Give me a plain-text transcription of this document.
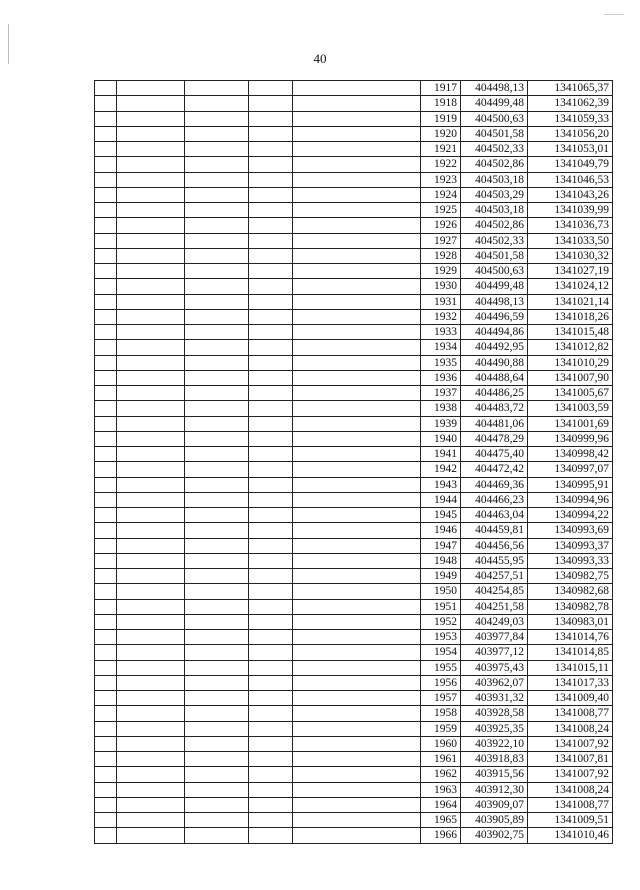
40
					1917	404498,13	1341065,37
					1918	404499,48	1341062,39
					1919	404500,63	1341059,33
					1920	404501,58	1341056,20
					1921	404502,33	1341053,01
					1922	404502,86	1341049,79
					1923	404503,18	1341046,53
					1924	404503,29	1341043,26
					1925	404503,18	1341039,99
					1926	404502,86	1341036,73
					1927	404502,33	1341033,50
					1928	404501,58	1341030,32
					1929	404500,63	1341027,19
					1930	404499,48	1341024,12
					1931	404498,13	1341021,14
					1932	404496,59	1341018,26
					1933	404494,86	1341015,48
					1934	404492,95	1341012,82
					1935	404490,88	1341010,29
					1936	404488,64	1341007,90
					1937	404486,25	1341005,67
					1938	404483,72	1341003,59
					1939	404481,06	1341001,69
					1940	404478,29	1340999,96
					1941	404475,40	1340998,42
					1942	404472,42	1340997,07
					1943	404469,36	1340995,91
					1944	404466,23	1340994,96
					1945	404463,04	1340994,22
					1946	404459,81	1340993,69
					1947	404456,56	1340993,37
					1948	404455,95	1340993,33
					1949	404257,51	1340982,75
					1950	404254,85	1340982,68
					1951	404251,58	1340982,78
					1952	404249,03	1340983,01
					1953	403977,84	1341014,76
					1954	403977,12	1341014,85
					1955	403975,43	1341015,11
					1956	403962,07	1341017,33
					1957	403931,32	1341009,40
					1958	403928,58	1341008,77
					1959	403925,35	1341008,24
					1960	403922,10	1341007,92
					1961	403918,83	1341007,81
					1962	403915,56	1341007,92
					1963	403912,30	1341008,24
					1964	403909,07	1341008,77
					1965	403905,89	1341009,51
					1966	403902,75	1341010,46
